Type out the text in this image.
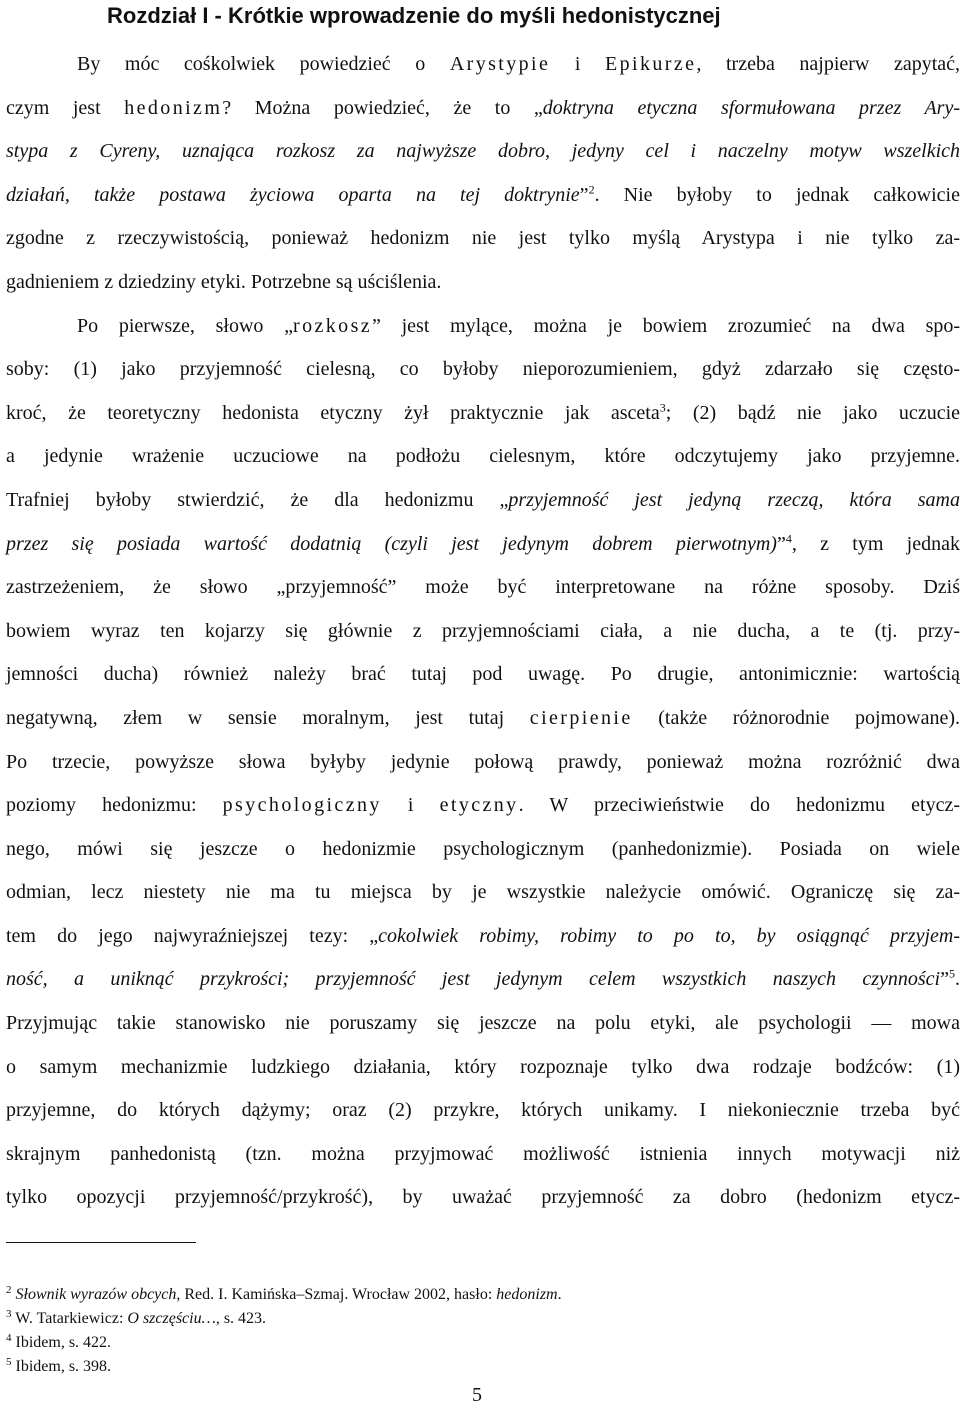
Rozdział I - Krótkie wprowadzenie do myśli hedonistycznej
By móc cośkolwiek powiedzieć o Arystypie i Epikurze, trzeba najpierw zapytać,
czym jest hedonizm? Można powiedzieć, że to „doktryna etyczna sformułowana przez Ary-
stypa z Cyreny, uznająca rozkosz za najwyższe dobro, jedyny cel i naczelny motyw wszelkich
działań, także postawa życiowa oparta na tej doktrynie”$^2$. Nie byłoby to jednak całkowicie
zgodne z rzeczywistością, ponieważ hedonizm nie jest tylko myślą Arystypa i nie tylko za-
gadnieniem z dziedziny etyki. Potrzebne są uściślenia.
Po pierwsze, słowo „rozkosz” jest mylące, można je bowiem zrozumieć na dwa spo-
soby: (1) jako przyjemność cielesną, co byłoby nieporozumieniem, gdyż zdarzało się często-
kroć, że teoretyczny hedonista etyczny żył praktycznie jak asceta$^3$; (2) bądź nie jako uczucie
a jedynie wrażenie uczuciowe na podłożu cielesnym, które odczytujemy jako przyjemne.
Trafniej byłoby stwierdzić, że dla hedonizmu „przyjemność jest jedyną rzeczą, która sama
przez się posiada wartość dodatnią (czyli jest jedynym dobrem pierwotnym)”$^4$, z tym jednak
zastrzeżeniem, że słowo „przyjemność” może być interpretowane na różne sposoby. Dziś
bowiem wyraz ten kojarzy się głównie z przyjemnościami ciała, a nie ducha, a te (tj. przy-
jemności ducha) również należy brać tutaj pod uwagę. Po drugie, antonimicznie: wartością
negatywną, złem w sensie moralnym, jest tutaj cierpienie (także różnorodnie pojmowane).
Po trzecie, powyższe słowa byłyby jedynie połową prawdy, ponieważ można rozróżnić dwa
poziomy hedonizmu: psychologiczny i etyczny. W przeciwieństwie do hedonizmu etycz-
nego, mówi się jeszcze o hedonizmie psychologicznym (panhedonizmie). Posiada on wiele
odmian, lecz niestety nie ma tu miejsca by je wszystkie należycie omówić. Ograniczę się za-
tem do jego najwyraźniejszej tezy: „cokolwiek robimy, robimy to po to, by osiągnąć przyjem-
ność, a uniknąć przykrości; przyjemność jest jedynym celem wszystkich naszych czynności”$^5$.
Przyjmując takie stanowisko nie poruszamy się jeszcze na polu etyki, ale psychologii — mowa
o samym mechanizmie ludzkiego działania, który rozpoznaje tylko dwa rodzaje bodźców: (1)
przyjemne, do których dążymy; oraz (2) przykre, których unikamy. I niekoniecznie trzeba być
skrajnym panhedonistą (tzn. można przyjmować możliwość istnienia innych motywacji niż
tylko opozycji przyjemność/przykrość), by uważać przyjemność za dobro (hedonizm etycz-
$^2$ Słownik wyrazów obcych, Red. I. Kamińska–Szmaj. Wrocław 2002, hasło: hedonizm.
$^3$ W. Tatarkiewicz: O szczęściu…, s. 423.
$^4$ Ibidem, s. 422.
$^5$ Ibidem, s. 398.
5
